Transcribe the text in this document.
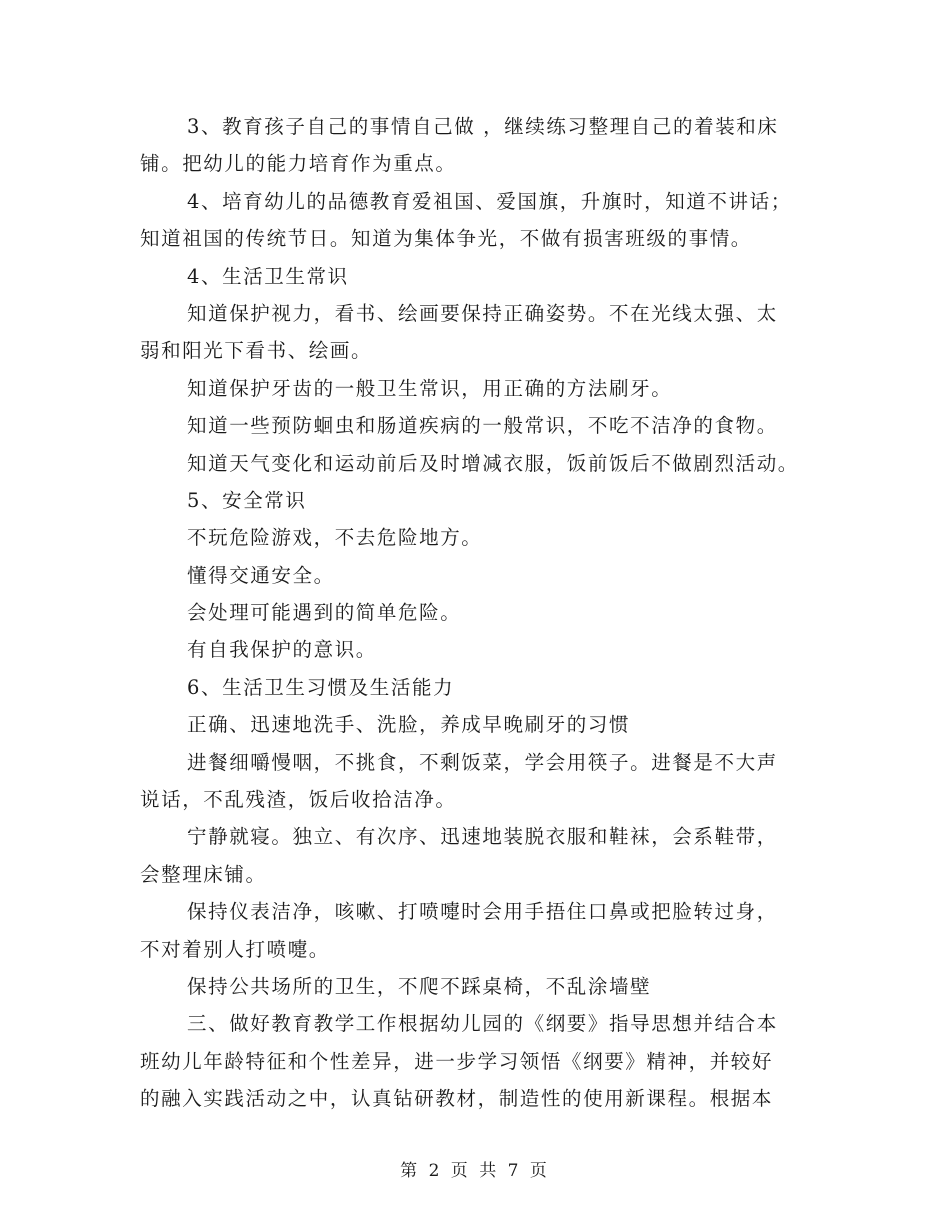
3、教育孩子自己的事情自己做 ，继续练习整理自己的着装和床
铺。把幼儿的能力培育作为重点。
4、培育幼儿的品德教育爱祖国、爱国旗，升旗时，知道不讲话；
知道祖国的传统节日。知道为集体争光，不做有损害班级的事情。
4、生活卫生常识
知道保护视力，看书、绘画要保持正确姿势。不在光线太强、太
弱和阳光下看书、绘画。
知道保护牙齿的一般卫生常识，用正确的方法刷牙。
知道一些预防蛔虫和肠道疾病的一般常识，不吃不洁净的食物。
知道天气变化和运动前后及时增减衣服，饭前饭后不做剧烈活动。
5、安全常识
不玩危险游戏，不去危险地方。
懂得交通安全。
会处理可能遇到的简单危险。
有自我保护的意识。
6、生活卫生习惯及生活能力
正确、迅速地洗手、洗脸，养成早晚刷牙的习惯
进餐细嚼慢咽，不挑食，不剩饭菜，学会用筷子。进餐是不大声
说话，不乱残渣，饭后收拾洁净。
宁静就寝。独立、有次序、迅速地装脱衣服和鞋袜，会系鞋带，
会整理床铺。
保持仪表洁净，咳嗽、打喷嚏时会用手捂住口鼻或把脸转过身，
不对着别人打喷嚏。
保持公共场所的卫生，不爬不踩桌椅，不乱涂墙壁
三、做好教育教学工作根据幼儿园的《纲要》指导思想并结合本
班幼儿年龄特征和个性差异，进一步学习领悟《纲要》精神，并较好
的融入实践活动之中，认真钻研教材，制造性的使用新课程。根据本
第 2 页 共 7 页
